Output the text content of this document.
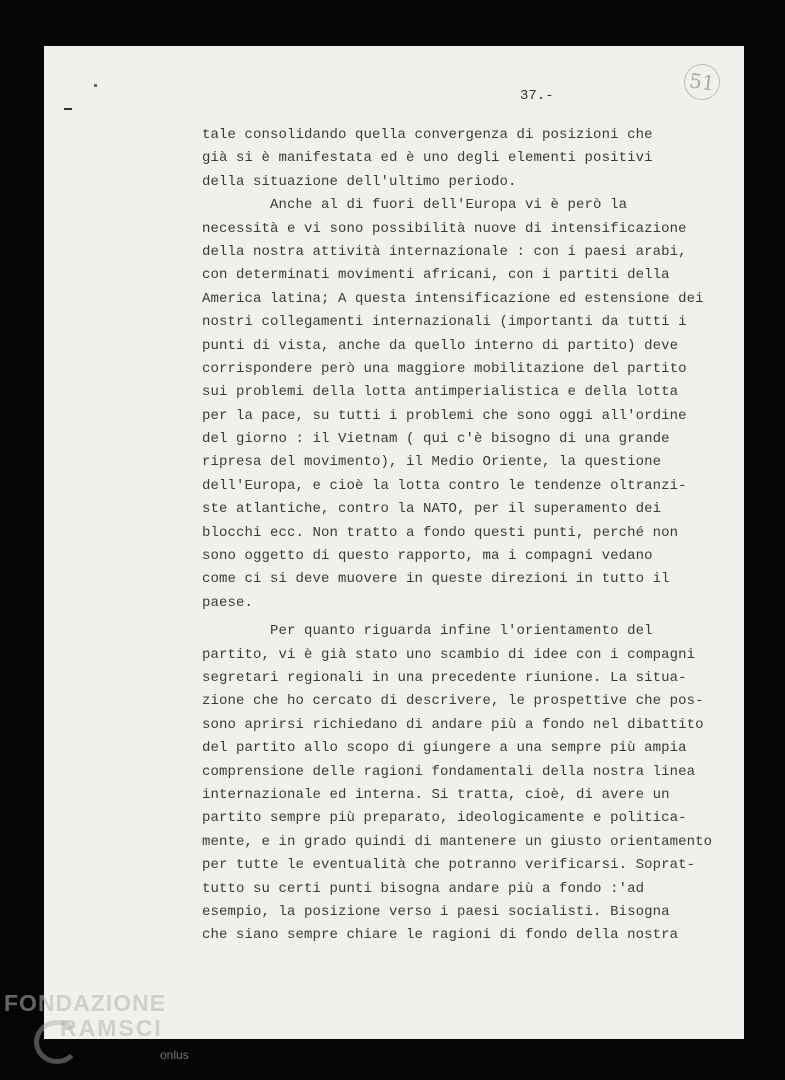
37.-
51
tale consolidando quella convergenza di posizioni che
già si è manifestata ed è uno degli elementi positivi
della situazione dell'ultimo periodo.
Anche al di fuori dell'Europa vi è però la
necessità e vi sono possibilità nuove di intensificazione
della nostra attività internazionale : con i paesi arabi,
con determinati movimenti africani, con i partiti della
America latina; A questa intensificazione ed estensione dei
nostri collegamenti internazionali (importanti da tutti i
punti di vista, anche da quello interno di partito) deve
corrispondere però una maggiore mobilitazione del partito
sui problemi della lotta antimperialistica e della lotta
per la pace, su tutti i problemi che sono oggi all'ordine
del giorno : il Vietnam ( qui c'è bisogno di una grande
ripresa del movimento), il Medio Oriente, la questione
dell'Europa, e cioè la lotta contro le tendenze oltranzi-
ste atlantiche, contro la NATO, per il superamento dei
blocchi ecc. Non tratto a fondo questi punti, perché non
sono oggetto di questo rapporto, ma i compagni vedano
come ci si deve muovere in queste direzioni in tutto il
paese.
Per quanto riguarda infine l'orientamento del
partito, vi è già stato uno scambio di idee con i compagni
segretari regionali in una precedente riunione. La situa-
zione che ho cercato di descrivere, le prospettive che pos-
sono aprirsi richiedano di andare più a fondo nel dibattito
del partito allo scopo di giungere a una sempre più ampia
comprensione delle ragioni fondamentali della nostra linea
internazionale ed interna. Si tratta, cioè, di avere un
partito sempre più preparato, ideologicamente e politica-
mente, e in grado quindi di mantenere un giusto orientamento
per tutte le eventualità che potranno verificarsi. Soprat-
tutto su certi punti bisogna andare più a fondo :'ad
esempio, la posizione verso i paesi socialisti. Bisogna
che siano sempre chiare le ragioni di fondo della nostra
FONDAZIONE
RAMSCI
onlus
